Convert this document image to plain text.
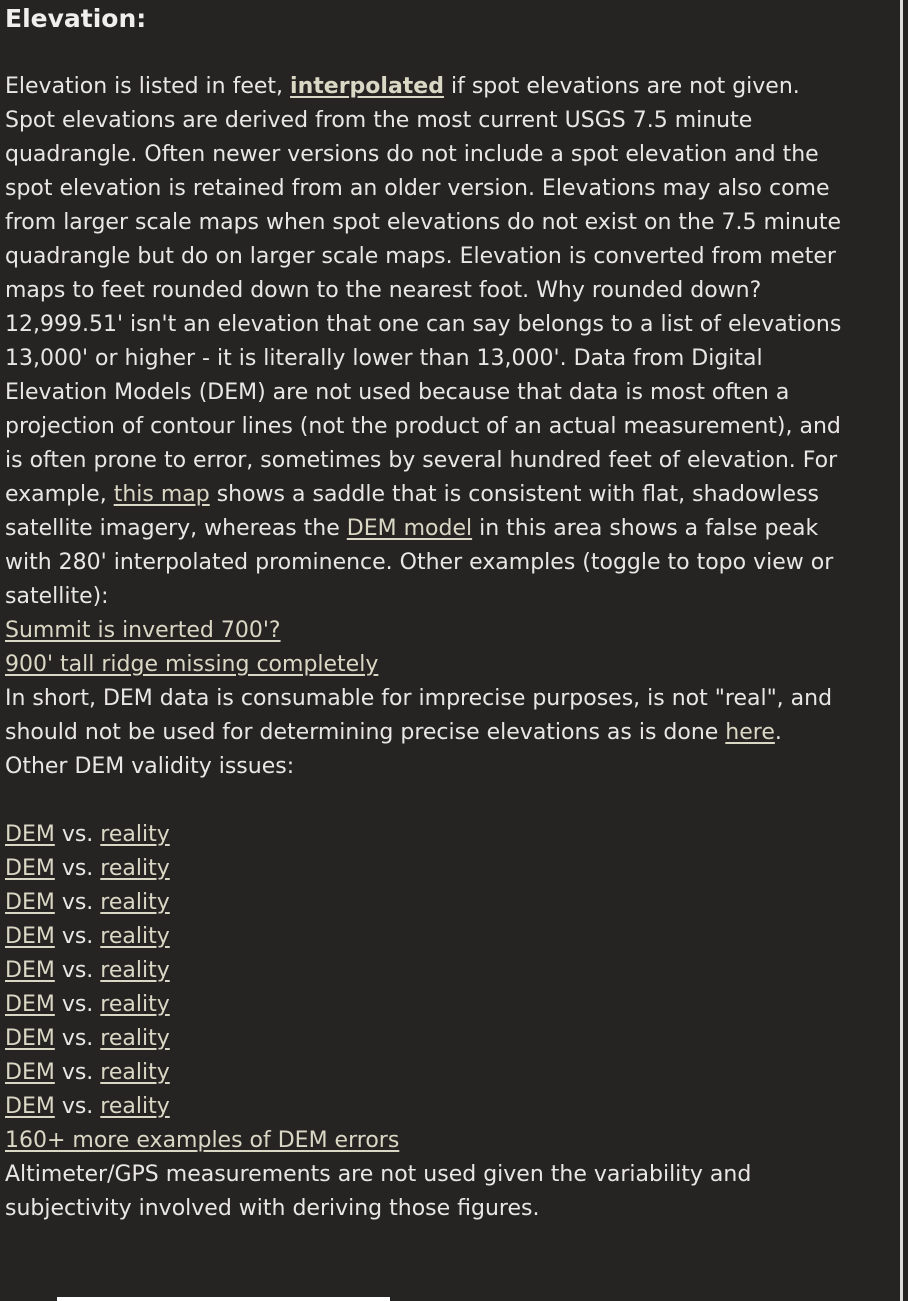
Elevation:

Elevation is listed in feet, interpolated if spot elevations are not given. Spot elevations are derived from the most current USGS 7.5 minute quadrangle. Often newer versions do not include a spot elevation and the spot elevation is retained from an older version. Elevations may also come from larger scale maps when spot elevations do not exist on the 7.5 minute quadrangle but do on larger scale maps. Elevation is converted from meter maps to feet rounded down to the nearest foot. Why rounded down? 12,999.51' isn't an elevation that one can say belongs to a list of elevations 13,000' or higher - it is literally lower than 13,000'. Data from Digital Elevation Models (DEM) are not used because that data is most often a projection of contour lines (not the product of an actual measurement), and is often prone to error, sometimes by several hundred feet of elevation. For example, this map shows a saddle that is consistent with flat, shadowless satellite imagery, whereas the DEM model in this area shows a false peak with 280' interpolated prominence. Other examples (toggle to topo view or satellite):
Summit is inverted 700'?
900' tall ridge missing completely
In short, DEM data is consumable for imprecise purposes, is not "real", and should not be used for determining precise elevations as is done here.
Other DEM validity issues:

DEM vs. reality
DEM vs. reality
DEM vs. reality
DEM vs. reality
DEM vs. reality
DEM vs. reality
DEM vs. reality
DEM vs. reality
DEM vs. reality

160+ more examples of DEM errors
Altimeter/GPS measurements are not used given the variability and subjectivity involved with deriving those figures.
